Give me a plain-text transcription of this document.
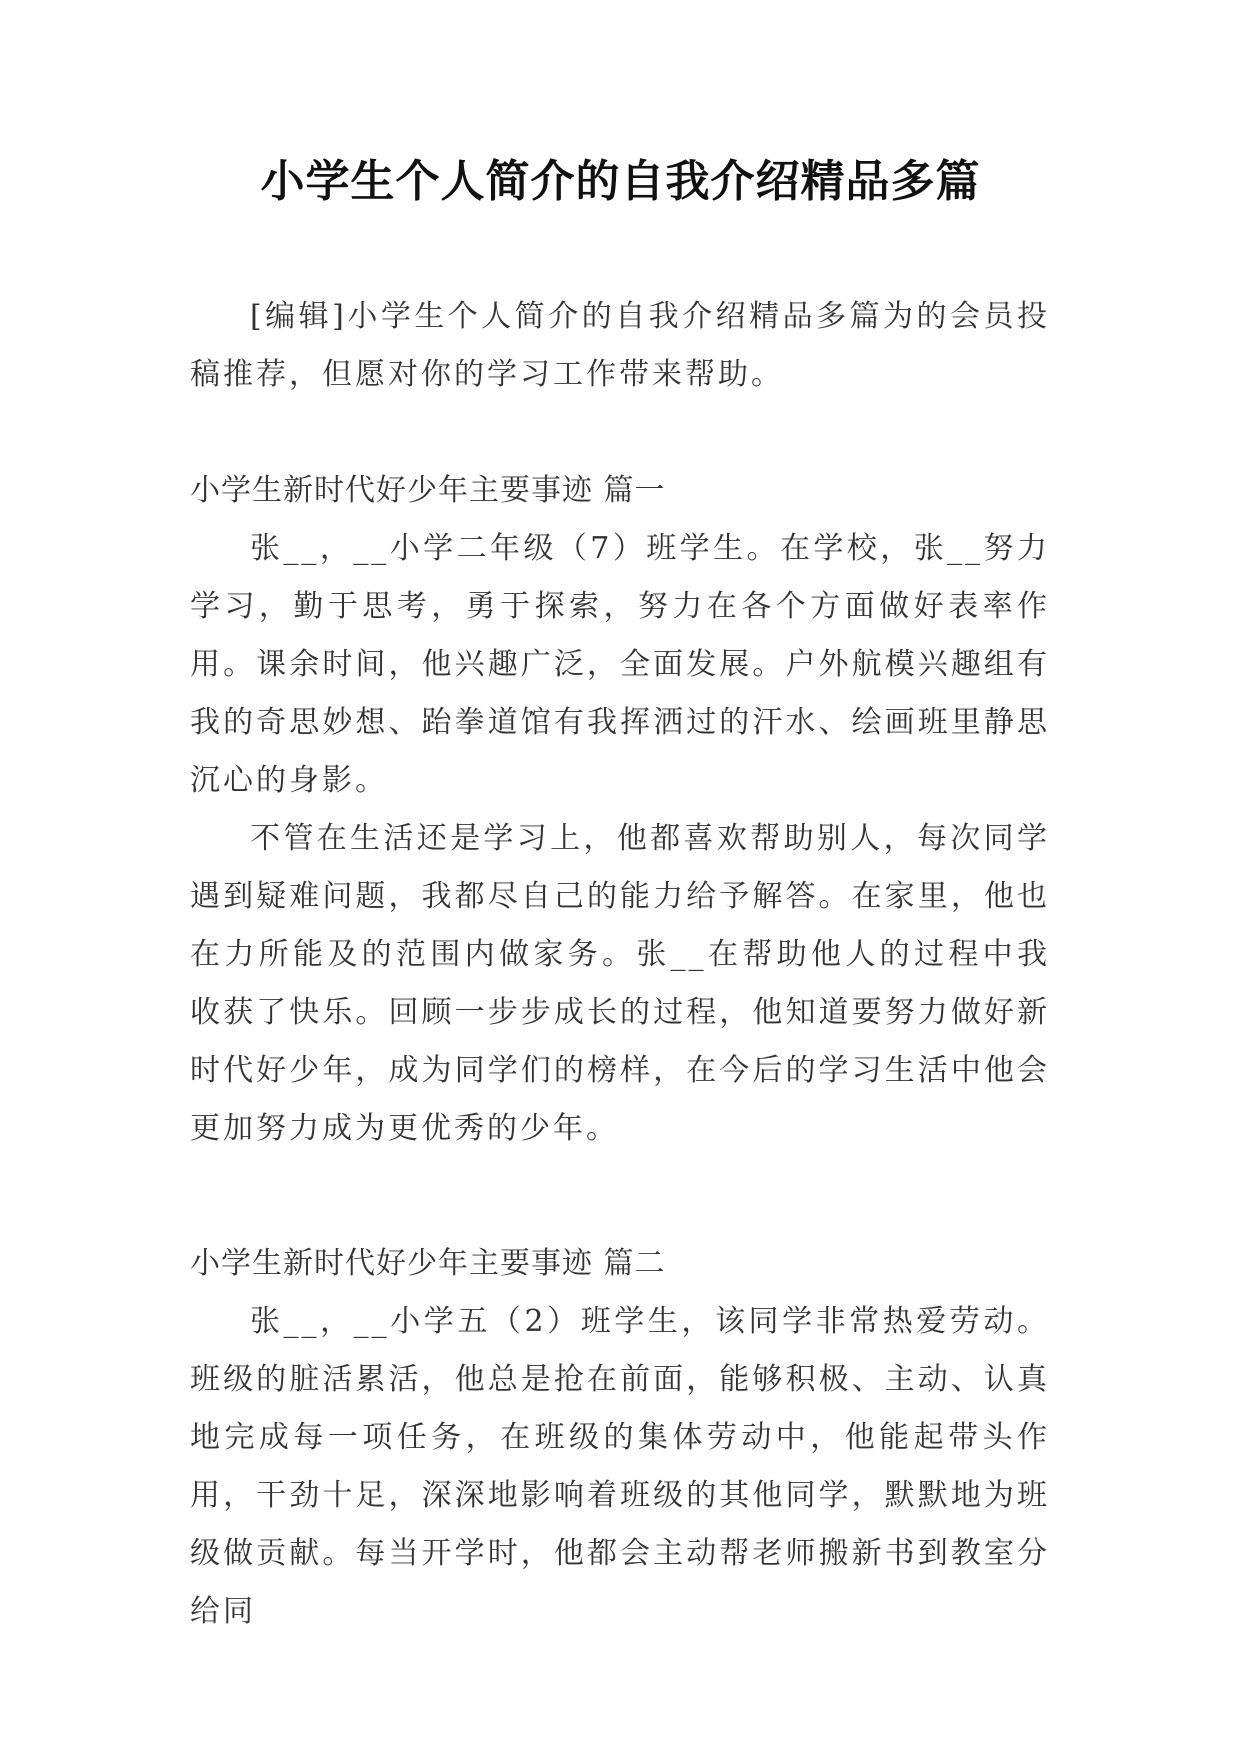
小学生个人简介的自我介绍精品多篇

[编辑]小学生个人简介的自我介绍精品多篇为的会员投稿推荐，但愿对你的学习工作带来帮助。

小学生新时代好少年主要事迹 篇一

张__，__小学二年级（7）班学生。在学校，张__努力学习，勤于思考，勇于探索，努力在各个方面做好表率作用。课余时间，他兴趣广泛，全面发展。户外航模兴趣组有我的奇思妙想、跆拳道馆有我挥洒过的汗水、绘画班里静思沉心的身影。

不管在生活还是学习上，他都喜欢帮助别人，每次同学遇到疑难问题，我都尽自己的能力给予解答。在家里，他也在力所能及的范围内做家务。张__在帮助他人的过程中我收获了快乐。回顾一步步成长的过程，他知道要努力做好新时代好少年，成为同学们的榜样，在今后的学习生活中他会更加努力成为更优秀的少年。

小学生新时代好少年主要事迹 篇二

张__，__小学五（2）班学生，该同学非常热爱劳动。班级的脏活累活，他总是抢在前面，能够积极、主动、认真地完成每一项任务，在班级的集体劳动中，他能起带头作用，干劲十足，深深地影响着班级的其他同学，默默地为班级做贡献。每当开学时，他都会主动帮老师搬新书到教室分给同
